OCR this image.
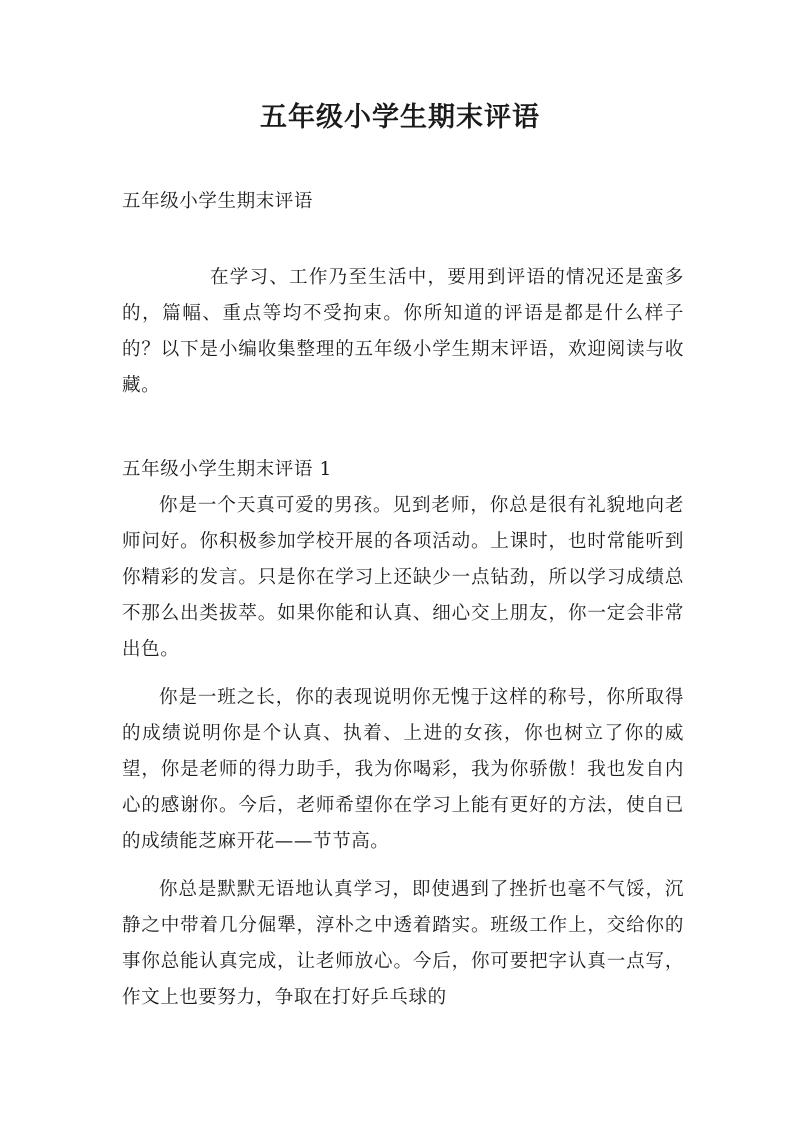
五年级小学生期末评语

五年级小学生期末评语

在学习、工作乃至生活中，要用到评语的情况还是蛮多的，篇幅、重点等均不受拘束。你所知道的评语是都是什么样子的？以下是小编收集整理的五年级小学生期末评语，欢迎阅读与收藏。

五年级小学生期末评语 1

你是一个天真可爱的男孩。见到老师，你总是很有礼貌地向老师问好。你积极参加学校开展的各项活动。上课时，也时常能听到你精彩的发言。只是你在学习上还缺少一点钻劲，所以学习成绩总不那么出类拔萃。如果你能和认真、细心交上朋友，你一定会非常出色。

你是一班之长，你的表现说明你无愧于这样的称号，你所取得的成绩说明你是个认真、执着、上进的女孩，你也树立了你的威望，你是老师的得力助手，我为你喝彩，我为你骄傲！我也发自内心的感谢你。今后，老师希望你在学习上能有更好的方法，使自已的成绩能芝麻开花——节节高。

你总是默默无语地认真学习，即使遇到了挫折也毫不气馁，沉静之中带着几分倔犟，淳朴之中透着踏实。班级工作上，交给你的事你总能认真完成，让老师放心。今后，你可要把字认真一点写，作文上也要努力，争取在打好乒乓球的
